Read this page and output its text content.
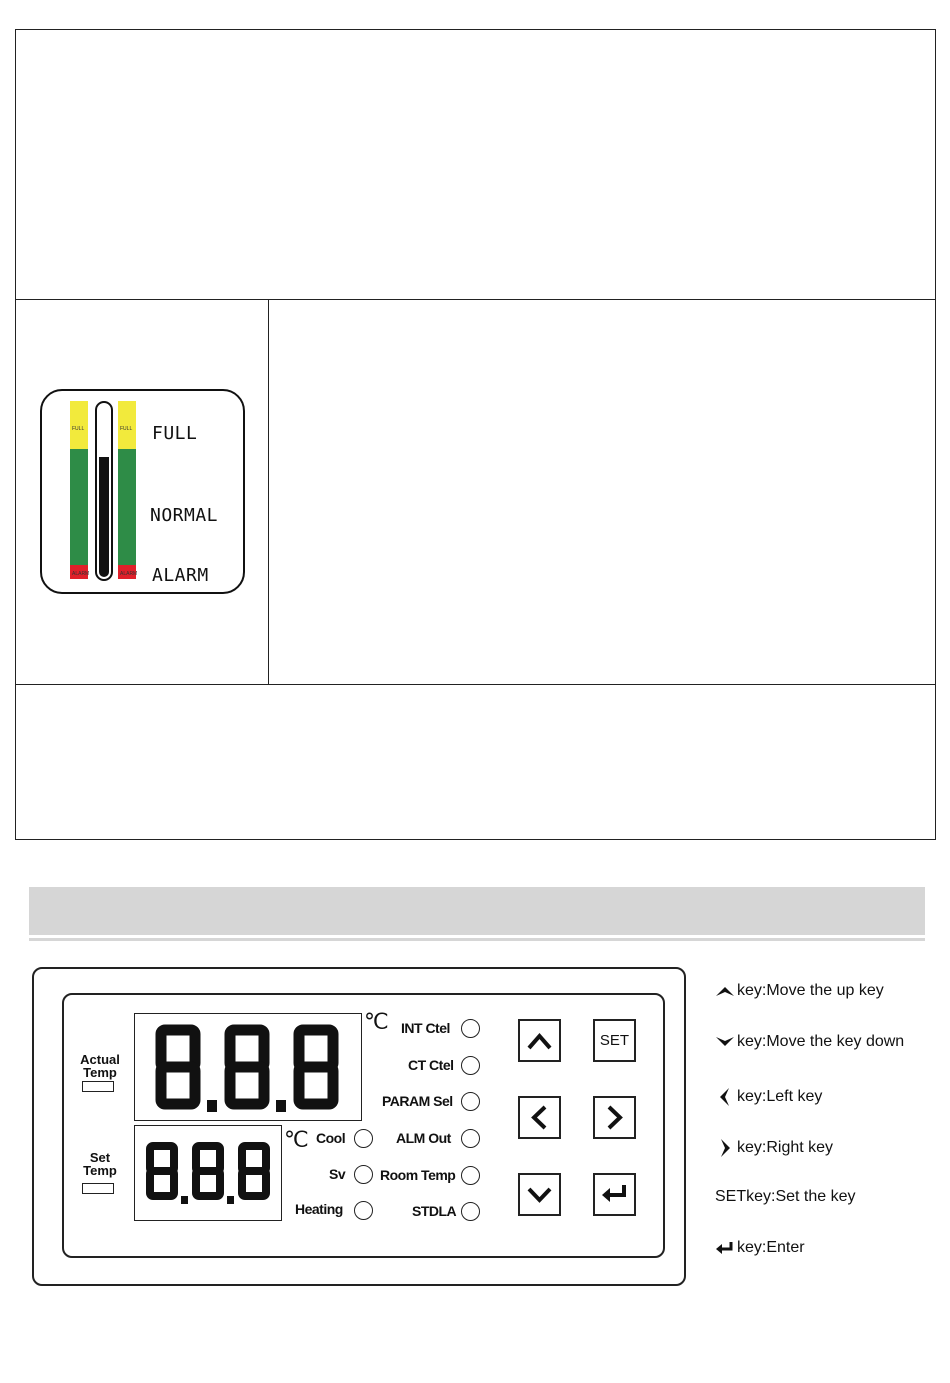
FULL
ALARM
FULL
ALARM
FULL
NORMAL
ALARM
Actual Temp
Set Temp
℃
℃ Cool
Sv
Heating
INT Ctel
CT Ctel
PARAM Sel
ALM Out
Room Temp
STDLA
SET
key:Move the up key
key:Move the key down
key:Left key
key:Right key
SETkey:Set the key
key:Enter
